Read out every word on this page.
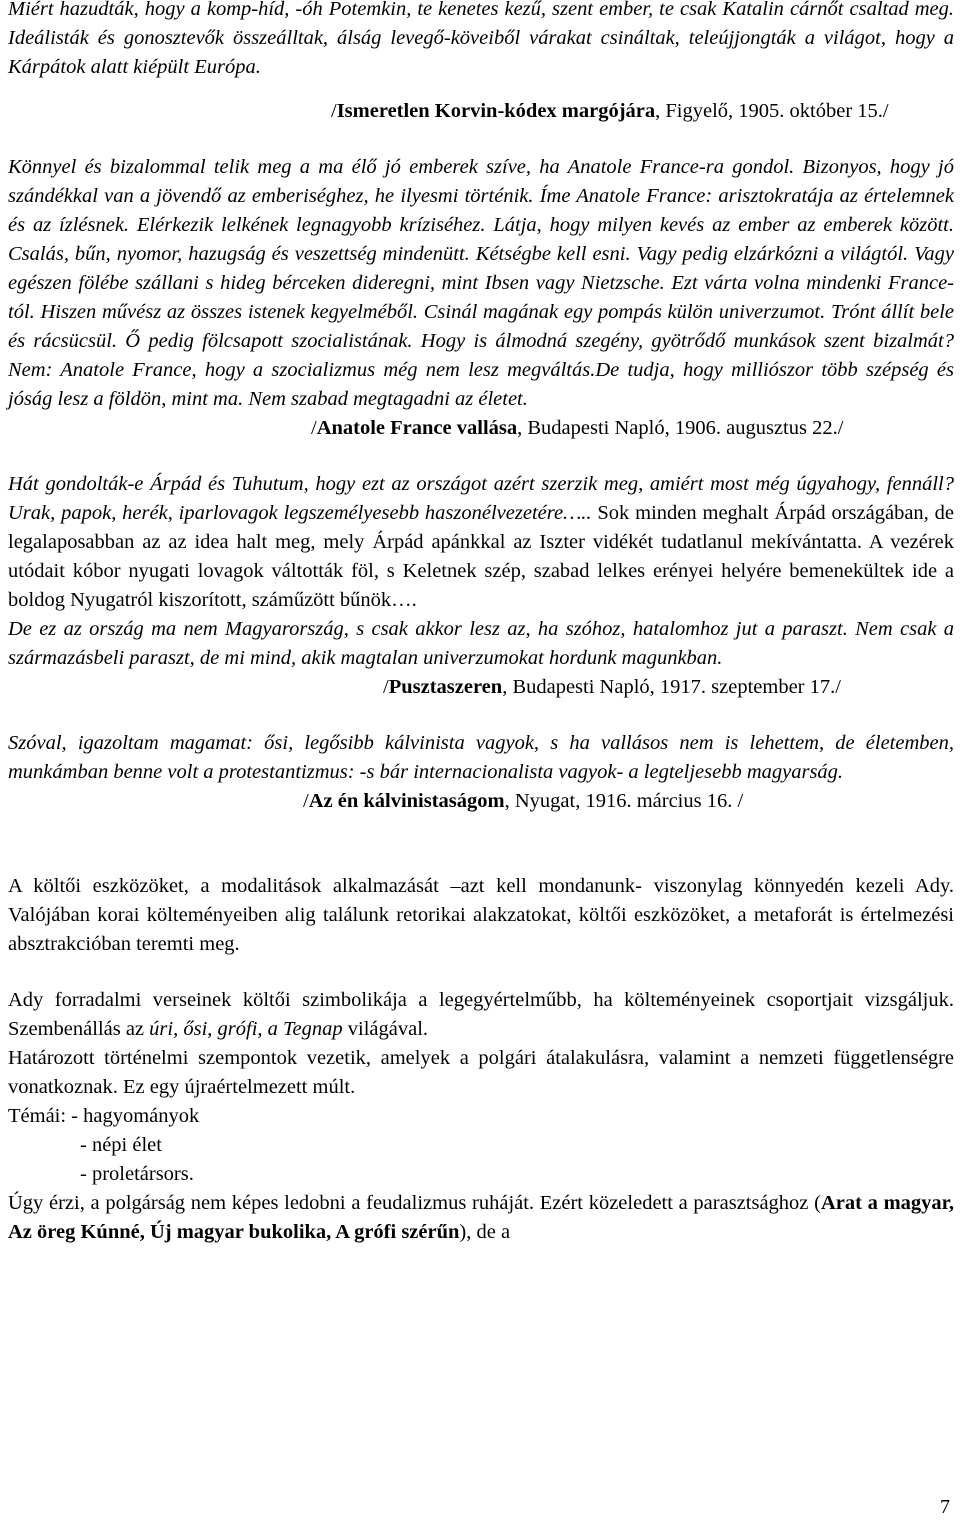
Miért hazudták, hogy a komp-híd, -óh Potemkin, te kenetes kezű, szent ember, te csak Katalin cárnőt csaltad meg. Ideálisták és gonosztevők összeálltak, álság levegő-köveiből várakat csináltak, teleújjongták a világot, hogy a Kárpátok alatt kiépült Európa.

/Ismeretlen Korvin-kódex margójára, Figyelő, 1905. október 15./

Könnyel és bizalommal telik meg a ma élő jó emberek szíve, ha Anatole France-ra gondol. Bizonyos, hogy jó szándékkal van a jövendő az emberiséghez, he ilyesmi történik. Íme Anatole France: arisztokratája az értelemnek és az ízlésnek. Elérkezik lelkének legnagyobb kríziséhez. Látja, hogy milyen kevés az ember az emberek között. Csalás, bűn, nyomor, hazugság és veszettség mindenütt. Kétségbe kell esni. Vagy pedig elzárkózni a világtól. Vagy egészen fölébe szállani s hideg bérceken dideregni, mint Ibsen vagy Nietzsche. Ezt várta volna mindenki France-tól. Hiszen művész az összes istenek kegyelméből. Csinál magának egy pompás külön univerzumot. Trónt állít bele és rácsücsül. Ő pedig fölcsapott szocialistának. Hogy is álmodná szegény, gyötrődő munkások szent bizalmát? Nem: Anatole France, hogy a szocializmus még nem lesz megváltás.De tudja, hogy milliószor több szépség és jóság lesz a földön, mint ma. Nem szabad megtagadni az életet.

/Anatole France vallása, Budapesti Napló, 1906. augusztus 22./

Hát gondolták-e Árpád és Tuhutum, hogy ezt az országot azért szerzik meg, amiért most még úgyahogy, fennáll? Urak, papok, herék, iparlovagok legszemélyesebb haszonélvezetére….. Sok minden meghalt Árpád országában, de legalaposabban az az idea halt meg, mely Árpád apánkkal az Iszter vidékét tudatlanul mekívántatta. A vezérek utódait kóbor nyugati lovagok váltották föl, s Keletnek szép, szabad lelkes erényei helyére bemenekültek ide a boldog Nyugatról kiszorított, száműzött bűnök….

De ez az ország ma nem Magyarország, s csak akkor lesz az, ha szóhoz, hatalomhoz jut a paraszt. Nem csak a származásbeli paraszt, de mi mind, akik magtalan univerzumokat hordunk magunkban.

/Pusztaszeren, Budapesti Napló, 1917. szeptember 17./

Szóval, igazoltam magamat: ősi, legősibb kálvinista vagyok, s ha vallásos nem is lehettem, de életemben, munkámban benne volt a protestantizmus: -s bár internacionalista vagyok- a legteljesebb magyarság.

/Az én kálvinistaságom, Nyugat, 1916. március 16. /

A költői eszközöket, a modalitások alkalmazását –azt kell mondanunk- viszonylag könnyedén kezeli Ady. Valójában korai költeményeiben alig találunk retorikai alakzatokat, költői eszközöket, a metaforát is értelmezési absztrakcióban teremti meg.

Ady forradalmi verseinek költői szimbolikája a legegyértelműbb, ha költeményeinek csoportjait vizsgáljuk. Szembenállás az úri, ősi, grófi, a Tegnap világával.

Határozott történelmi szempontok vezetik, amelyek a polgári átalakulásra, valamint a nemzeti függetlenségre vonatkoznak. Ez egy újraértelmezett múlt.

Témái: - hagyományok
- népi élet
- proletársors.

Úgy érzi, a polgárság nem képes ledobni a feudalizmus ruháját. Ezért közeledett a parasztsághoz (Arat a magyar, Az öreg Kúnné, Új magyar bukolika, A grófi szérűn), de a

7
